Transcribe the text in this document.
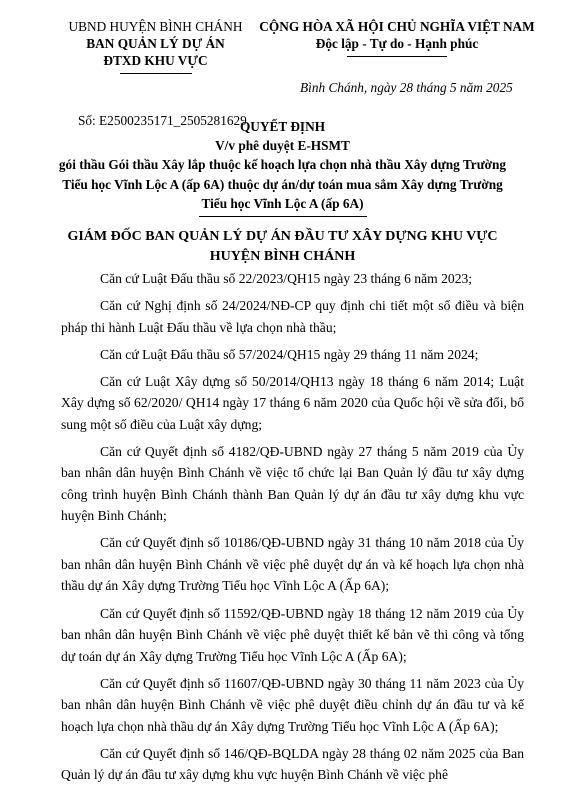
UBND HUYỆN BÌNH CHÁNH
BAN QUẢN LÝ DỰ ÁN
ĐTXD KHU VỰC
CỘNG HÒA XÃ HỘI CHỦ NGHĨA VIỆT NAM
Độc lập - Tự do - Hạnh phúc
Bình Chánh, ngày 28 tháng 5 năm 2025
Số: E2500235171_2505281629
QUYẾT ĐỊNH
V/v phê duyệt E-HSMT
gói thầu Gói thầu Xây lắp thuộc kế hoạch lựa chọn nhà thầu Xây dựng Trường Tiểu học Vĩnh Lộc A (ấp 6A) thuộc dự án/dự toán mua sắm Xây dựng Trường Tiểu học Vĩnh Lộc A (ấp 6A)
GIÁM ĐỐC BAN QUẢN LÝ DỰ ÁN ĐẦU TƯ XÂY DỰNG KHU VỰC
HUYỆN BÌNH CHÁNH

Căn cứ Luật Đấu thầu số 22/2023/QH15 ngày 23 tháng 6 năm 2023;

Căn cứ Nghị định số 24/2024/NĐ-CP quy định chi tiết một số điều và biện pháp thi hành Luật Đấu thầu về lựa chọn nhà thầu;

Căn cứ Luật Đấu thầu số 57/2024/QH15 ngày 29 tháng 11 năm 2024;

Căn cứ Luật Xây dựng số 50/2014/QH13 ngày 18 tháng 6 năm 2014; Luật Xây dựng số 62/2020/ QH14 ngày 17 tháng 6 năm 2020 của Quốc hội về sửa đổi, bổ sung một số điều của Luật xây dựng;

Căn cứ Quyết định số 4182/QĐ-UBND ngày 27 tháng 5 năm 2019 của Ủy ban nhân dân huyện Bình Chánh về việc tổ chức lại Ban Quản lý đầu tư xây dựng công trình huyện Bình Chánh thành Ban Quản lý dự án đầu tư xây dựng khu vực huyện Bình Chánh;

Căn cứ Quyết định số 10186/QĐ-UBND ngày 31 tháng 10 năm 2018 của Ủy ban nhân dân huyện Bình Chánh về việc phê duyệt dự án và kế hoạch lựa chọn nhà thầu dự án Xây dựng Trường Tiểu học Vĩnh Lộc A (Ấp 6A);

Căn cứ Quyết định số 11592/QĐ-UBND ngày 18 tháng 12 năm 2019 của Ủy ban nhân dân huyện Bình Chánh về việc phê duyệt thiết kế bản vẽ thi công và tổng dự toán dự án Xây dựng Trường Tiểu học Vĩnh Lộc A (Ấp 6A);

Căn cứ Quyết định số 11607/QĐ-UBND ngày 30 tháng 11 năm 2023 của Ủy ban nhân dân huyện Bình Chánh về việc phê duyệt điều chỉnh dự án đầu tư và kế hoạch lựa chọn nhà thầu dự án Xây dựng Trường Tiểu học Vĩnh Lộc A (Ấp 6A);

Căn cứ Quyết định số 146/QĐ-BQLDA ngày 28 tháng 02 năm 2025 của Ban Quản lý dự án đầu tư xây dựng khu vực huyện Bình Chánh về việc phê
